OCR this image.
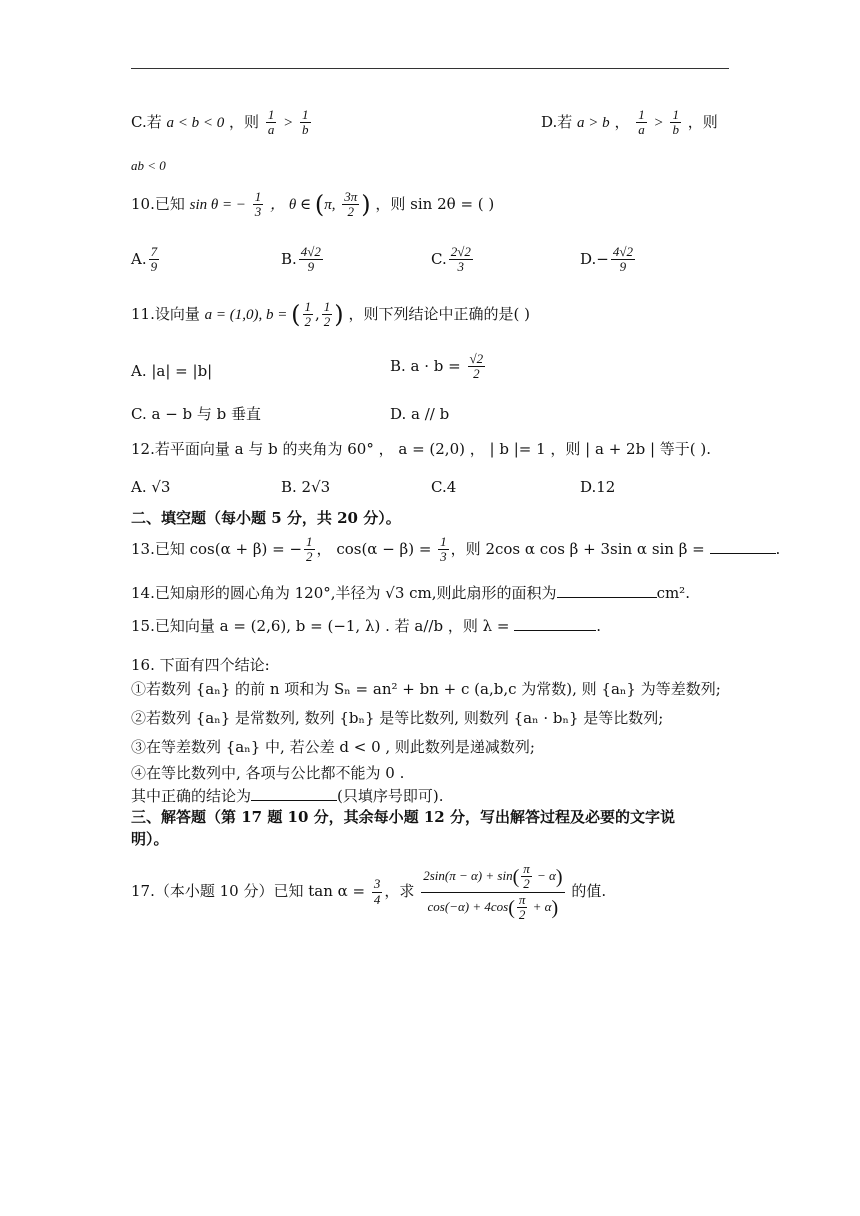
C.若 a < b < 0 ，则 $\frac{1}{a} > \frac{1}{b}$	D.若 a > b ， $\frac{1}{a} > \frac{1}{b}$ ，则
ab < 0
10.已知 sin θ = − $\frac{1}{3}$ ， θ ∈ (π, $\frac{3\pi}{2}$ ) ，则 sin 2θ = ( )
A. $\frac{7}{9}$	B. $\frac{4√2}{9}$	C. $\frac{2√2}{3}$	$D.- \frac{4√2}{9}$
11.设向量 a = (1,0), b = ( $\frac{1}{2}$ , $\frac{1}{2}$ ) ，则下列结论中正确的是( )
A. |a| = |b|	B. $a \cdot b = \frac{√2}{2}$
C. a − b 与 b 垂直	D. a // b
12.若平面向量 a 与 b 的夹角为 60° ， a = (2,0) ， | b |= 1 ，则 | a + 2b | 等于( ).
A. √3	B. 2√3	C.4	D.12
二、填空题（每小题 5 分，共 20 分）。
13.已知 cos(α + β) = − $\frac{1}{2}$ ， $\cos(\alpha - \beta) = \frac{1}{3}$ ，则 2cos α cos β + 3sin α sin β =	.
14.已知扇形的圆心角为 120°,半径为 √3 cm,则此扇形的面积为	cm².
15.已知向量 a = (2,6), b = (−1, λ) . 若 a//b ，则 λ =	.
16. 下面有四个结论:
①若数列 {aₙ} 的前 n 项和为 Sₙ = an² + bn + c (a,b,c 为常数), 则 {aₙ} 为等差数列;
②若数列 {aₙ} 是常数列, 数列 {bₙ} 是等比数列, 则数列 {aₙ · bₙ} 是等比数列;
③在等差数列 {aₙ} 中, 若公差 d < 0 , 则此数列是递减数列;
④在等比数列中, 各项与公比都不能为 0 .
其中正确的结论为	(只填序号即可).
三、解答题（第 17 题 10 分，其余每小题 12 分，写出解答过程及必要的文字说
明）。
17.（本小题 10 分）已知 $\tan \alpha = \frac{3}{4}$ ，求 $\frac{2\sin(\pi - \alpha) + \sin( \frac{\pi}{2} - \alpha)}{\cos(-\alpha) + 4\cos( \frac{\pi}{2} + \alpha)}$ 的值.
